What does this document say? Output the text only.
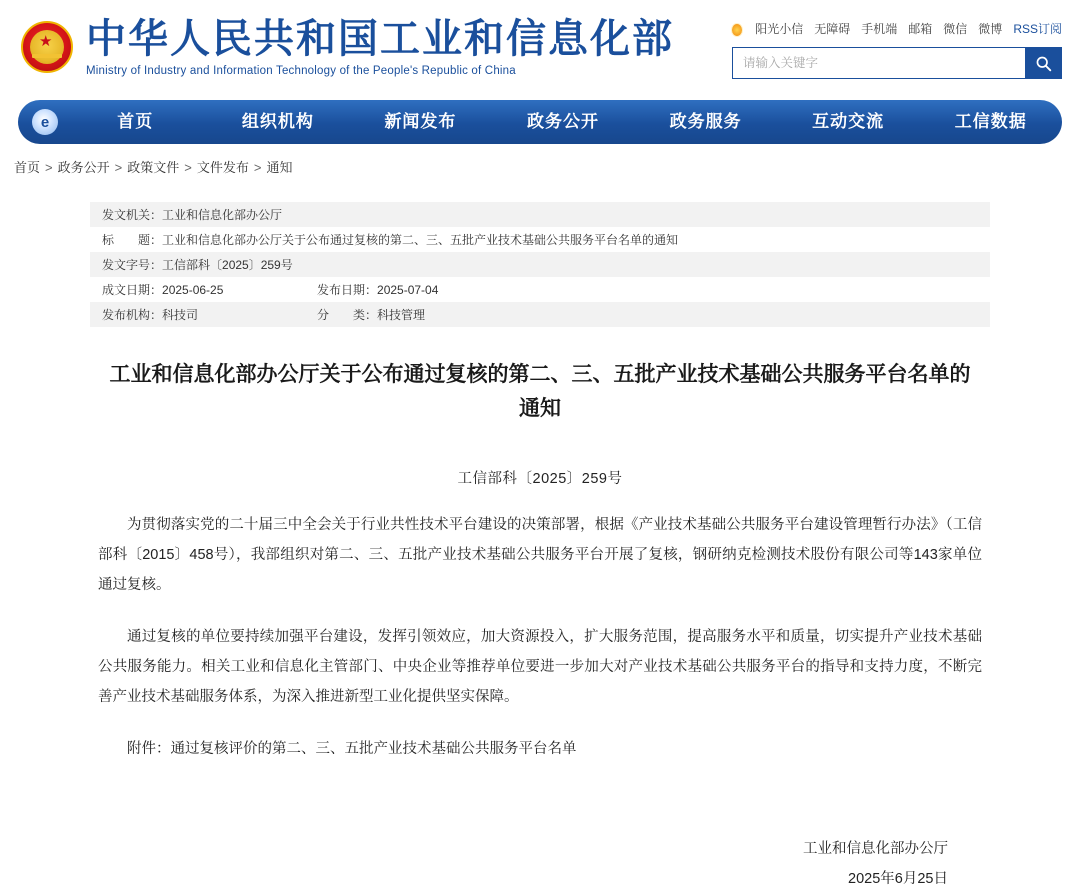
★ 中华人民共和国工业和信息化部
Ministry of Industry and Information Technology of the People's Republic of China
阳光小信 无障碍 手机端 邮箱 微信 微博 RSS订阅
请输入关键字
e	首页	组织机构	新闻发布	政务公开	政务服务	互动交流	工信数据
首页 > 政务公开 > 政策文件 > 文件发布 > 通知
发文机关：工业和信息化部办公厅	
标　　题：工业和信息化部办公厅关于公布通过复核的第二、三、五批产业技术基础公共服务平台名单的通知	
发文字号：工信部科〔2025〕259号	
成文日期：2025-06-25	发布日期：2025-07-04
发布机构：科技司	分　　类：科技管理
工业和信息化部办公厅关于公布通过复核的第二、三、五批产业技术基础公共服务平台名单的通知
工信部科〔2025〕259号
为贯彻落实党的二十届三中全会关于行业共性技术平台建设的决策部署，根据《产业技术基础公共服务平台建设管理暂行办法》（工信部科〔2015〕458号），我部组织对第二、三、五批产业技术基础公共服务平台开展了复核，钢研纳克检测技术股份有限公司等143家单位通过复核。
通过复核的单位要持续加强平台建设，发挥引领效应，加大资源投入，扩大服务范围，提高服务水平和质量，切实提升产业技术基础公共服务能力。相关工业和信息化主管部门、中央企业等推荐单位要进一步加大对产业技术基础公共服务平台的指导和支持力度，不断完善产业技术基础服务体系，为深入推进新型工业化提供坚实保障。
附件：通过复核评价的第二、三、五批产业技术基础公共服务平台名单
工业和信息化部办公厅
2025年6月25日
